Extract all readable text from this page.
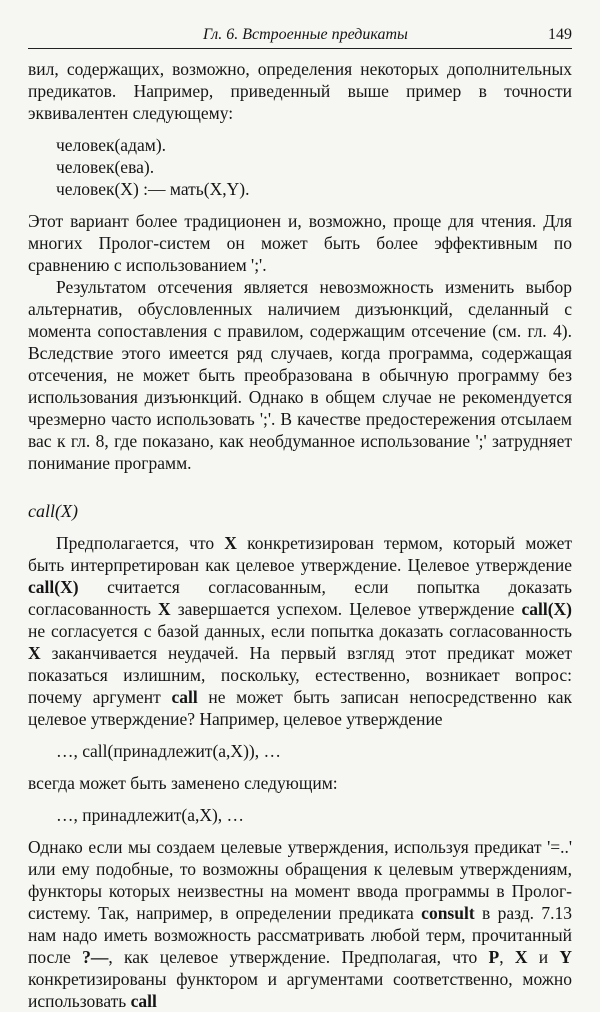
Гл. 6. Встроенные предикаты	149

вил, содержащих, возможно, определения некоторых дополнительных предикатов. Например, приведенный выше пример в точности эквивалентен следующему:

человек(адам).

человек(ева).

человек(X) :— мать(X,Y).

Этот вариант более традиционен и, возможно, проще для чтения. Для многих Пролог-систем он может быть более эффективным по сравнению с использованием ';'.

Результатом отсечения является невозможность изменить выбор альтернатив, обусловленных наличием дизъюнкций, сделанный с момента сопоставления с правилом, содержащим отсечение (см. гл. 4). Вследствие этого имеется ряд случаев, когда программа, содержащая отсечения, не может быть преобразована в обычную программу без использования дизъюнкций. Однако в общем случае не рекомендуется чрезмерно часто использовать ';'. В качестве предостережения отсылаем вас к гл. 8, где показано, как необдуманное использование ';' затрудняет понимание программ.

call(X)

Предполагается, что X конкретизирован термом, который может быть интерпретирован как целевое утверждение. Целевое утверждение call(X) считается согласованным, если попытка доказать согласованность X завершается успехом. Целевое утверждение call(X) не согласуется с базой данных, если попытка доказать согласованность X заканчивается неудачей. На первый взгляд этот предикат может показаться излишним, поскольку, естественно, возникает вопрос: почему аргумент call не может быть записан непосредственно как целевое утверждение? Например, целевое утверждение

…, call(принадлежит(a,X)), …

всегда может быть заменено следующим:

…, принадлежит(a,X), …

Однако если мы создаем целевые утверждения, используя предикат '=..' или ему подобные, то возможны обращения к целевым утверждениям, функторы которых неизвестны на момент ввода программы в Пролог-систему. Так, например, в определении предиката consult в разд. 7.13 нам надо иметь возможность рассматривать любой терм, прочитанный после ?—, как целевое утверждение. Предполагая, что P, X и Y конкретизированы функтором и аргументами соответственно, можно использовать call
